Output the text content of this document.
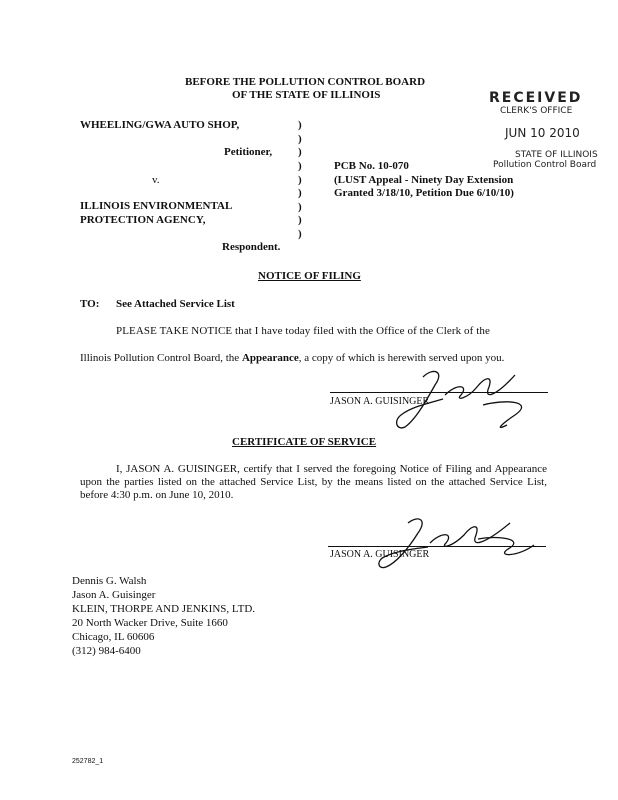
BEFORE THE POLLUTION CONTROL BOARD
OF THE STATE OF ILLINOIS	RECEIVED
CLERK'S OFFICE
JUN 10 2010
STATE OF ILLINOIS
Pollution Control Board
WHEELING/GWA AUTO SHOP,
Petitioner,
v.
ILLINOIS ENVIRONMENTAL
PROTECTION AGENCY,
Respondent.
)
)
)
)
)
)
)
)
)
PCB No. 10-070
(LUST Appeal - Ninety Day Extension
Granted 3/18/10, Petition Due 6/10/10)
NOTICE OF FILING
TO: See Attached Service List
PLEASE TAKE NOTICE that I have today filed with the Office of the Clerk of the
Illinois Pollution Control Board, the Appearance, a copy of which is herewith served upon you.
JASON A. GUISINGER
CERTIFICATE OF SERVICE
I, JASON A. GUISINGER, certify that I served the foregoing Notice of Filing and Appearance upon the parties listed on the attached Service List, by the means listed on the attached Service List, before 4:30 p.m. on June 10, 2010.
JASON A. GUISINGER
Dennis G. Walsh
Jason A. Guisinger
KLEIN, THORPE AND JENKINS, LTD.
20 North Wacker Drive, Suite 1660
Chicago, IL 60606
(312) 984-6400
252782_1
